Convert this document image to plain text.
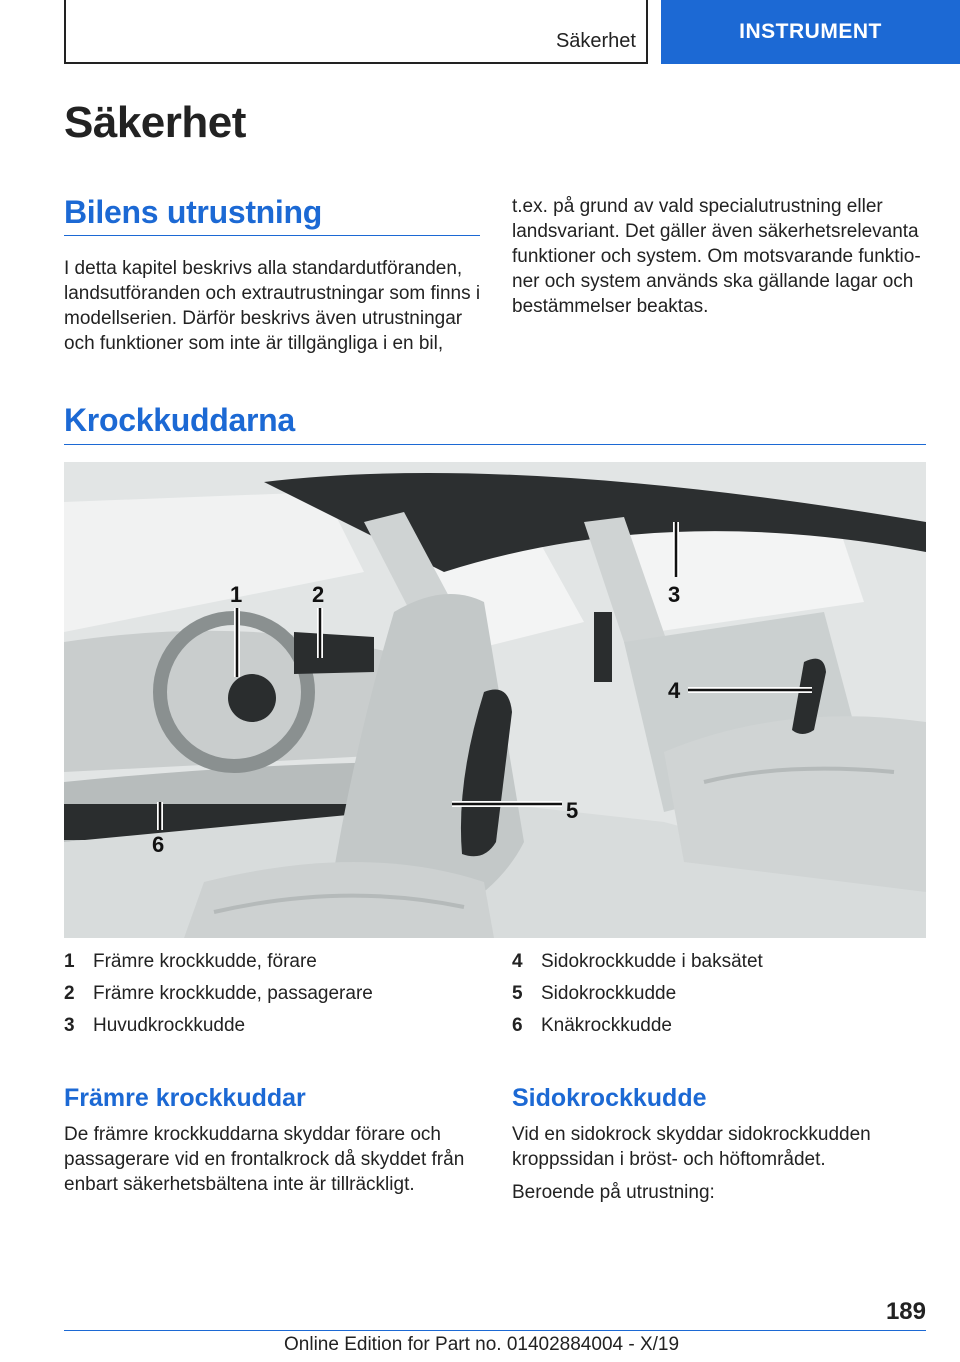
Säkerhet	INSTRUMENT
Säkerhet
Bilens utrustning

I detta kapitel beskrivs alla standardutföranden, landsutföranden och extrautrustningar som finns i modellserien. Därför beskrivs även utrustningar och funktioner som inte är tillgängliga i en bil,

t.ex. på grund av vald specialutrustning eller landsvariant. Det gäller även säkerhetsrelevanta funktioner och system. Om motsvarande funktio-ner och system används ska gällande lagar och bestämmelser beaktas.

Krockkuddarna
1	2	3
4
5
6
1 Främre krockkudde, förare
2 Främre krockkudde, passagerare
3 Huvudkrockkudde
4 Sidokrockkudde i baksätet
5 Sidokrockkudde
6 Knäkrockkudde
Främre krockkuddar

De främre krockkuddarna skyddar förare och passagerare vid en frontalkrock då skyddet från enbart säkerhetsbältena inte är tillräckligt.

Sidokrockkudde

Vid en sidokrock skyddar sidokrockkudden kroppssidan i bröst- och höftområdet.

Beroende på utrustning:

189
Online Edition for Part no. 01402884004 - X/19
